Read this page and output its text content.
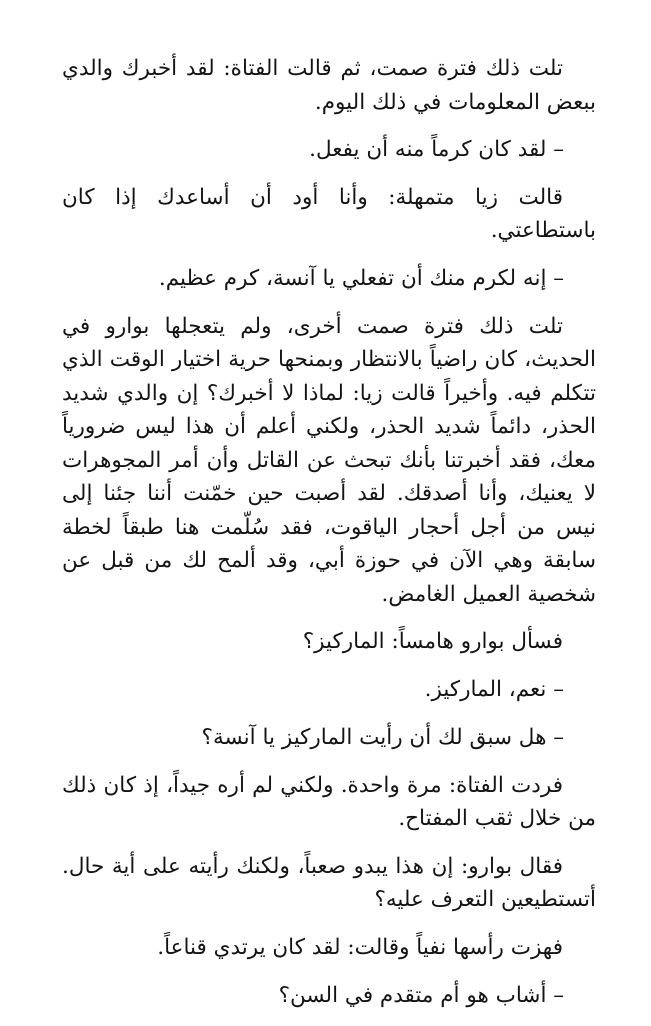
تلت ذلك فترة صمت، ثم قالت الفتاة: لقد أخبرك والدي ببعض المعلومات في ذلك اليوم.

– لقد كان كرماً منه أن يفعل.

قالت زيا متمهلة: وأنا أود أن أساعدك إذا كان باستطاعتي.

– إنه لكرم منك أن تفعلي يا آنسة، كرم عظيم.

تلت ذلك فترة صمت أخرى، ولم يتعجلها بوارو في الحديث، كان راضياً بالانتظار وبمنحها حرية اختيار الوقت الذي تتكلم فيه. وأخيراً قالت زيا: لماذا لا أخبرك؟ إن والدي شديد الحذر، دائماً شديد الحذر، ولكني أعلم أن هذا ليس ضرورياً معك، فقد أخبرتنا بأنك تبحث عن القاتل وأن أمر المجوهرات لا يعنيك، وأنا أصدقك. لقد أصبت حين خمّنت أننا جئنا إلى نيس من أجل أحجار الياقوت، فقد سُلّمت هنا طبقاً لخطة سابقة وهي الآن في حوزة أبي، وقد ألمح لك من قبل عن شخصية العميل الغامض.

فسأل بوارو هامساً: الماركيز؟

– نعم، الماركيز.

– هل سبق لك أن رأيت الماركيز يا آنسة؟

فردت الفتاة: مرة واحدة. ولكني لم أره جيداً، إذ كان ذلك من خلال ثقب المفتاح.

فقال بوارو: إن هذا يبدو صعباً، ولكنك رأيته على أية حال. أتستطيعين التعرف عليه؟

فهزت رأسها نفياً وقالت: لقد كان يرتدي قناعاً.

– أشاب هو أم متقدم في السن؟
